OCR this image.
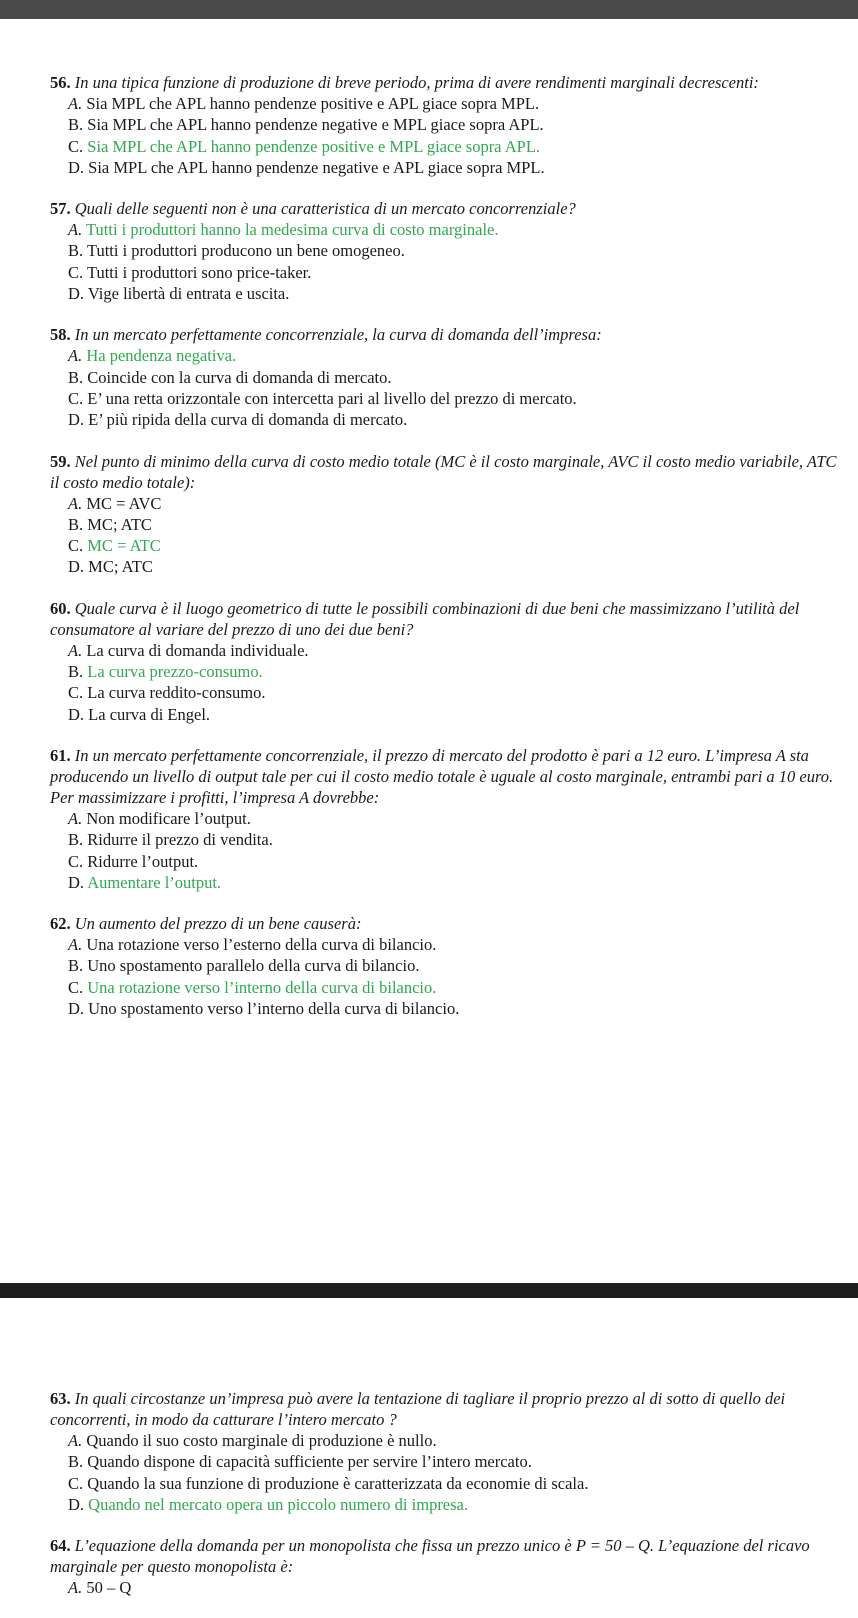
56. In una tipica funzione di produzione di breve periodo, prima di avere rendimenti marginali decrescenti:
A. Sia MPL che APL hanno pendenze positive e APL giace sopra MPL.
B. Sia MPL che APL hanno pendenze negative e MPL giace sopra APL.
C. Sia MPL che APL hanno pendenze positive e MPL giace sopra APL.
D. Sia MPL che APL hanno pendenze negative e APL giace sopra MPL.
57. Quali delle seguenti non è una caratteristica di un mercato concorrenziale?
A. Tutti i produttori hanno la medesima curva di costo marginale.
B. Tutti i produttori producono un bene omogeneo.
C. Tutti i produttori sono price-taker.
D. Vige libertà di entrata e uscita.
58. In un mercato perfettamente concorrenziale, la curva di domanda dell’impresa:
A. Ha pendenza negativa.
B. Coincide con la curva di domanda di mercato.
C. E’ una retta orizzontale con intercetta pari al livello del prezzo di mercato.
D. E’ più ripida della curva di domanda di mercato.
59. Nel punto di minimo della curva di costo medio totale (MC è il costo marginale, AVC il costo medio variabile, ATC il costo medio totale):
A. MC = AVC
B. MC; ATC
C. MC = ATC
D. MC; ATC
60. Quale curva è il luogo geometrico di tutte le possibili combinazioni di due beni che massimizzano l’utilità del consumatore al variare del prezzo di uno dei due beni?
A. La curva di domanda individuale.
B. La curva prezzo-consumo.
C. La curva reddito-consumo.
D. La curva di Engel.
61. In un mercato perfettamente concorrenziale, il prezzo di mercato del prodotto è pari a 12 euro. L’impresa A sta producendo un livello di output tale per cui il costo medio totale è uguale al costo marginale, entrambi pari a 10 euro. Per massimizzare i profitti, l’impresa A dovrebbe:
A. Non modificare l’output.
B. Ridurre il prezzo di vendita.
C. Ridurre l’output.
D. Aumentare l’output.
62. Un aumento del prezzo di un bene causerà:
A. Una rotazione verso l’esterno della curva di bilancio.
B. Uno spostamento parallelo della curva di bilancio.
C. Una rotazione verso l’interno della curva di bilancio.
D. Uno spostamento verso l’interno della curva di bilancio.
63. In quali circostanze un’impresa può avere la tentazione di tagliare il proprio prezzo al di sotto di quello dei concorrenti, in modo da catturare l’intero mercato ?
A. Quando il suo costo marginale di produzione è nullo.
B. Quando dispone di capacità sufficiente per servire l’intero mercato.
C. Quando la sua funzione di produzione è caratterizzata da economie di scala.
D. Quando nel mercato opera un piccolo numero di impresa.
64. L’equazione della domanda per un monopolista che fissa un prezzo unico è P = 50 – Q. L’equazione del ricavo marginale per questo monopolista è:
A. 50 – Q
